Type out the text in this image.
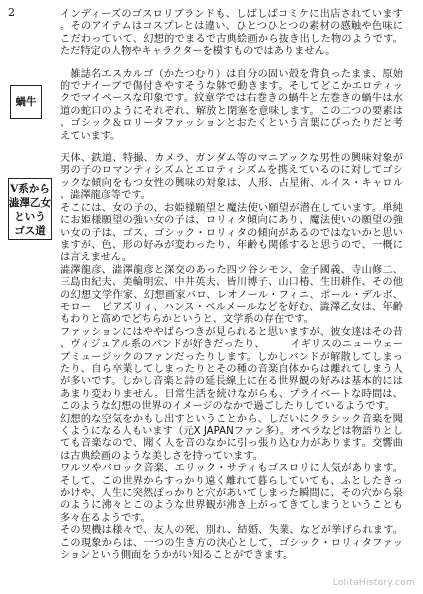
2
蝸牛
V系から
澁澤乙女
という
ゴス道

インディーズのゴスロリブランドも、しばしばコミケに出店されています。そのアイテムはコスプレとは違い、ひとつひとつの素材の感触や色味にこだわっていて、幻想的でまるで古典絵画から抜き出した物のようです。ただ特定の人物やキャラクターを模すものではありません。

雑誌名エスカルゴ（かたつむり）は自分の固い殻を背負ったまま、原始的でナイーブで傷付きやすそうな躰で動きます。そしてどこかエロティックでマイペースな印象です。紋章学では右巻きの蝸牛と左巻きの蝸牛は水道の蛇口のようにそれぞれ、解放と閉塞を意味します。この二つの要素は、ゴシック＆ロリータファッションとおたくという言葉にぴったりだと考えています。

天体、鉄道、特撮、カメラ、ガンダム等のマニアックな男性の興味対象が男の子のロマンティシズムとエロティシズムを携えているのに対してゴシックな傾向をもつ女性の興味の対象は、人形、占星術、ルイス・キャロル、澁澤龍彦等です。

そこには、女の子の、お姫様願望と魔法使い願望が潜在しています。単純にお姫様願望の強い女の子は、ロリィタ傾向にあり、魔法使いの願望の強い女の子は、ゴス、ゴシック・ロリィタの傾向があるのではないかと思いますが、色、形の好みが変わったり、年齢も関係すると思うので、一概には言えません。

澁澤龍彦、澁澤龍彦と深交のあった四ツ谷シモン、金子國義、寺山修二、三島由紀夫、美輪明宏、中井英夫、皆川博子、山口椿、生田耕作、その他の幻想文学作家、幻想画家バロ、レオノール・フィニ、ポール・デルボ、モロー　ビアズリィ、ハンス・ベルメールなどを好む、澁澤乙女は、年齢もわりと高めでどちらかというと、文学系の存在です。

ファッションにはややばらつきが見られると思いますが、彼女達はその昔、ヴィジュアル系のバンドが好きだったり、　　　イギリスのニューウェーブミュージックのファンだったりします。しかしバンドが解散してしまったり、自ら卒業してしまったりとその種の音楽自体からは離れてしまう人が多いです。しかし音楽と詩の延長線上に在る世界観の好みは基本的にはあまり変わりません。日常生活を続けながらも、プライベートな時間は、このような幻想の世界のイメージのなかで過ごしたりしているようです。

幻想的な空気をかもし出すということから、しだいにクラシック音楽を聞くようになる人もいます（元X JAPANファン多）。オペラなどは物語りとしても音楽なので、聞く人を音のなかに引っ張り込む力があります。交響曲は古典絵画のような美しさを持っています。

ワルツやバロック音楽、エリック・サティもゴスロリに人気があります。そして、この世界からすっかり遠く離れて暮らしていても、ふとしたきっかけや、人生に突然ぽっかりと穴があいてしまった瞬間に、その穴から泉のように沸々とこのような世界観が沸き上がってきてしまうということも多々在るようです。

その契機は様々で、友人の死、別れ、結婚、失業、などが挙げられます。この現象からは、一つの生き方の決心として、ゴシック・ロリィタファッションという側面をうかがい知ることができます。

LolitaHistory.com
